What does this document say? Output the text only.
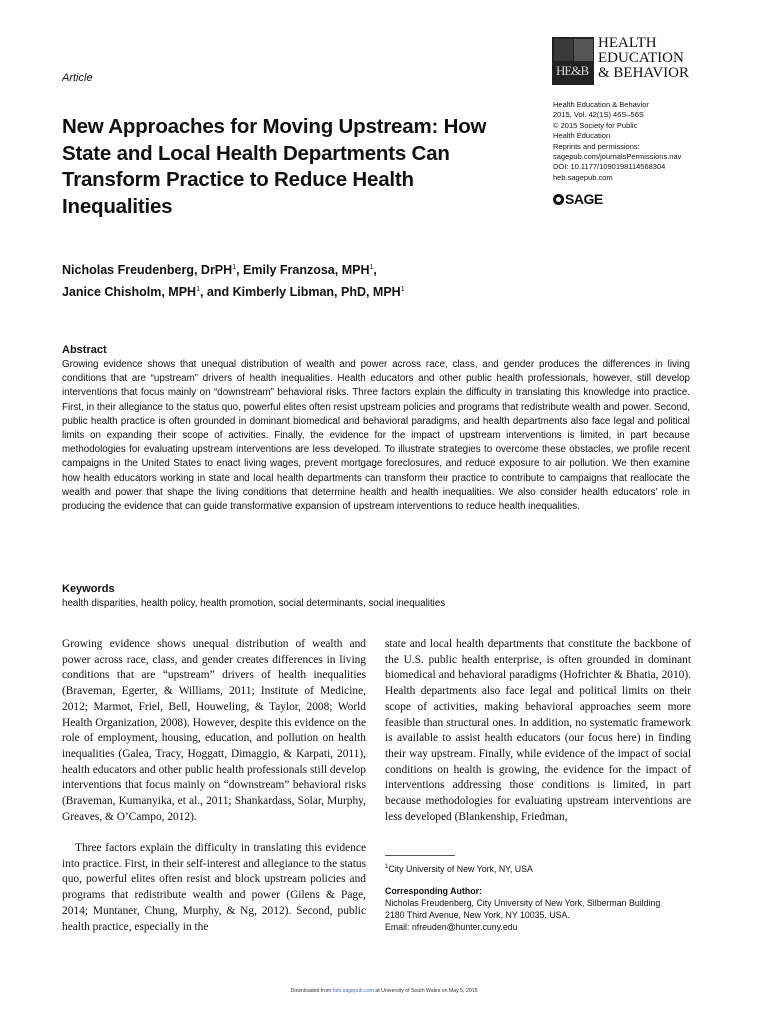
Article	HE&B
HEALTH
EDUCATION
& BEHAVIOR
New Approaches for Moving Upstream: How State and Local Health Departments Can Transform Practice to Reduce Health Inequalities
Health Education & Behavior
2015, Vol. 42(1S) 46S–56S
© 2015 Society for Public
Health Education
Reprints and permissions:
sagepub.com/journalsPermissions.nav
DOI: 10.1177/1090198114568304
heb.sagepub.com
SAGE
Nicholas Freudenberg, DrPH$^1$, Emily Franzosa, MPH$^1$,
Janice Chisholm, MPH$^1$, and Kimberly Libman, PhD, MPH$^1$
Abstract

Growing evidence shows that unequal distribution of wealth and power across race, class, and gender produces the differences in living conditions that are “upstream” drivers of health inequalities. Health educators and other public health professionals, however, still develop interventions that focus mainly on “downstream” behavioral risks. Three factors explain the difficulty in translating this knowledge into practice. First, in their allegiance to the status quo, powerful elites often resist upstream policies and programs that redistribute wealth and power. Second, public health practice is often grounded in dominant biomedical and behavioral paradigms, and health departments also face legal and political limits on expanding their scope of activities. Finally, the evidence for the impact of upstream interventions is limited, in part because methodologies for evaluating upstream interventions are less developed. To illustrate strategies to overcome these obstacles, we profile recent campaigns in the United States to enact living wages, prevent mortgage foreclosures, and reduce exposure to air pollution. We then examine how health educators working in state and local health departments can transform their practice to contribute to campaigns that reallocate the wealth and power that shape the living conditions that determine health and health inequalities. We also consider health educators’ role in producing the evidence that can guide transformative expansion of upstream interventions to reduce health inequalities.

Keywords

health disparities, health policy, health promotion, social determinants, social inequalities

Growing evidence shows unequal distribution of wealth and power across race, class, and gender creates differences in living conditions that are “upstream” drivers of health inequalities (Braveman, Egerter, & Williams, 2011; Institute of Medicine, 2012; Marmot, Friel, Bell, Houweling, & Taylor, 2008; World Health Organization, 2008). However, despite this evidence on the role of employment, housing, education, and pollution on health inequalities (Galea, Tracy, Hoggatt, Dimaggio, & Karpati, 2011), health educators and other public health professionals still develop interventions that focus mainly on “downstream” behavioral risks (Braveman, Kumanyika, et al., 2011; Shankardass, Solar, Murphy, Greaves, & O’Campo, 2012).

Three factors explain the difficulty in translating this evidence into practice. First, in their self-interest and allegiance to the status quo, powerful elites often resist and block upstream policies and programs that redistribute wealth and power (Gilens & Page, 2014; Muntaner, Chung, Murphy, & Ng, 2012). Second, public health practice, especially in the

state and local health departments that constitute the backbone of the U.S. public health enterprise, is often grounded in dominant biomedical and behavioral paradigms (Hofrichter & Bhatia, 2010). Health departments also face legal and political limits on their scope of activities, making behavioral approaches seem more feasible than structural ones. In addition, no systematic framework is available to assist health educators (our focus here) in finding their way upstream. Finally, while evidence of the impact of social conditions on health is growing, the evidence for the impact of interventions addressing those conditions is limited, in part because methodologies for evaluating upstream interventions are less developed (Blankenship, Friedman,

$^1$City University of New York, NY, USA
Corresponding Author:
Nicholas Freudenberg, City University of New York, Silberman Building
2180 Third Avenue, New York, NY 10035, USA.
Email: nfreuden@hunter.cuny.edu
Downloaded from heb.sagepub.com at University of South Wales on May 5, 2015
